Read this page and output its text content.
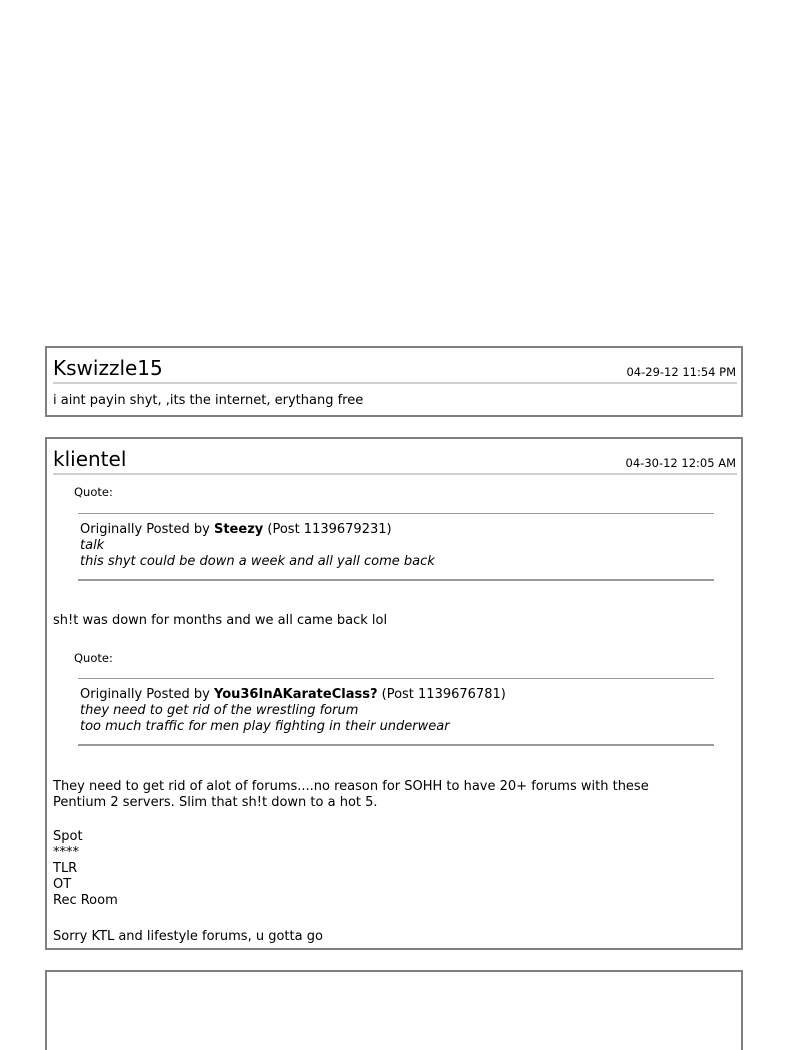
Kswizzle15	04-29-12 11:54 PM
i aint payin shyt, ,its the internet, erythang free
klientel	04-30-12 12:05 AM
Quote:
Originally Posted by Steezy (Post 1139679231)
talk
this shyt could be down a week and all yall come back
sh!t was down for months and we all came back lol
Quote:
Originally Posted by You36InAKarateClass? (Post 1139676781)
they need to get rid of the wrestling forum
too much traffic for men play fighting in their underwear
They need to get rid of alot of forums....no reason for SOHH to have 20+ forums with these
Pentium 2 servers. Slim that sh!t down to a hot 5.
Spot
****
TLR
OT
Rec Room
Sorry KTL and lifestyle forums, u gotta go
